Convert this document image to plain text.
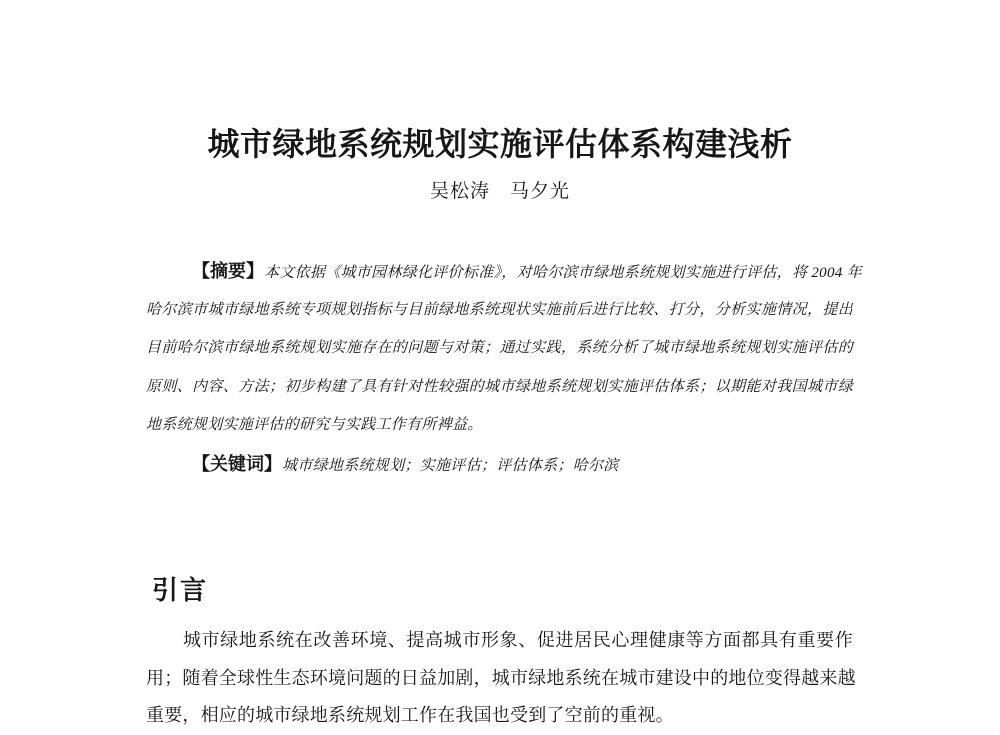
城市绿地系统规划实施评估体系构建浅析
吴松涛　马夕光
【摘要】本文依据《城市园林绿化评价标准》，对哈尔滨市绿地系统规划实施进行评估，将 2004 年
哈尔滨市城市绿地系统专项规划指标与目前绿地系统现状实施前后进行比较、打分，分析实施情况，提出
目前哈尔滨市绿地系统规划实施存在的问题与对策；通过实践，系统分析了城市绿地系统规划实施评估的
原则、内容、方法；初步构建了具有针对性较强的城市绿地系统规划实施评估体系；以期能对我国城市绿
地系统规划实施评估的研究与实践工作有所裨益。
【关键词】城市绿地系统规划；实施评估；评估体系；哈尔滨
引言
城市绿地系统在改善环境、提高城市形象、促进居民心理健康等方面都具有重要作
用；随着全球性生态环境问题的日益加剧，城市绿地系统在城市建设中的地位变得越来越
重要，相应的城市绿地系统规划工作在我国也受到了空前的重视。
